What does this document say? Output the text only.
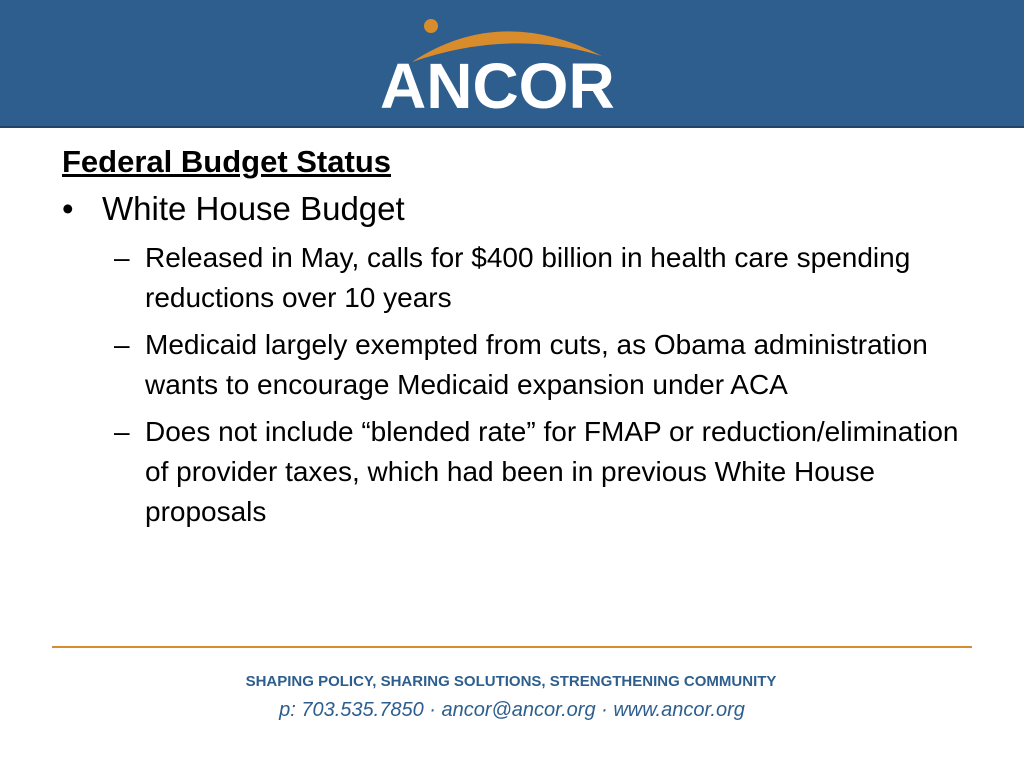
ANCOR
Federal Budget Status
• White House Budget
– Released in May, calls for $400 billion in health care spending reductions over 10 years
– Medicaid largely exempted from cuts, as Obama administration wants to encourage Medicaid expansion under ACA
– Does not include “blended rate” for FMAP or reduction/elimination of provider taxes, which had been in previous White House proposals
SHAPING POLICY, SHARING SOLUTIONS, STRENGTHENING COMMUNITY
p: 703.535.7850 · ancor@ancor.org · www.ancor.org
